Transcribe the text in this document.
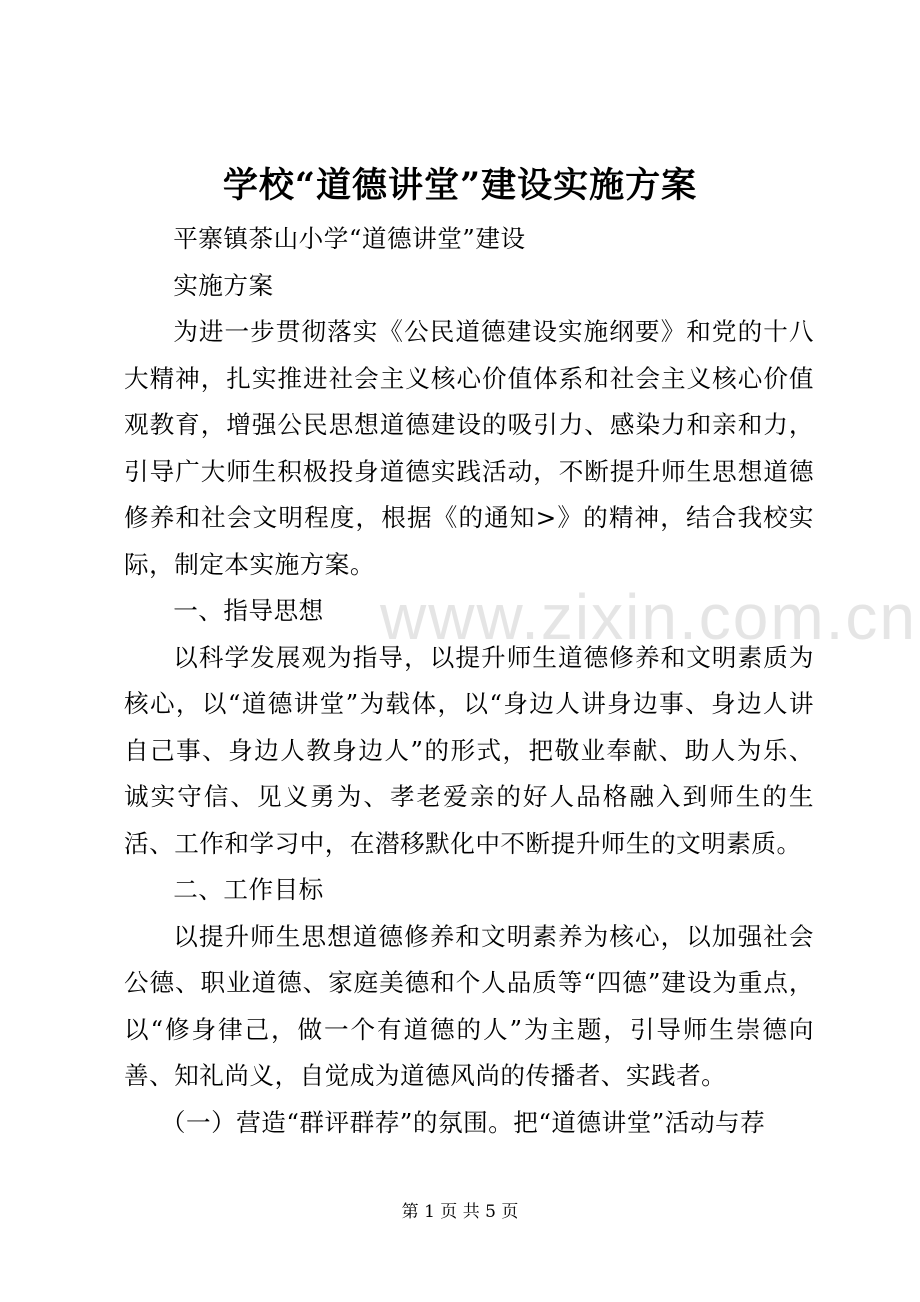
学校“道德讲堂”建设实施方案

平寨镇茶山小学“道德讲堂”建设

实施方案

为进一步贯彻落实《公民道德建设实施纲要》和党的十八大精神，扎实推进社会主义核心价值体系和社会主义核心价值观教育，增强公民思想道德建设的吸引力、感染力和亲和力，引导广大师生积极投身道德实践活动，不断提升师生思想道德修养和社会文明程度，根据《的通知>》的精神，结合我校实际，制定本实施方案。

一、指导思想

以科学发展观为指导，以提升师生道德修养和文明素质为核心，以“道德讲堂”为载体，以“身边人讲身边事、身边人讲自己事、身边人教身边人”的形式，把敬业奉献、助人为乐、诚实守信、见义勇为、孝老爱亲的好人品格融入到师生的生活、工作和学习中，在潜移默化中不断提升师生的文明素质。

二、工作目标

以提升师生思想道德修养和文明素养为核心，以加强社会公德、职业道德、家庭美德和个人品质等“四德”建设为重点，以“修身律己，做一个有道德的人”为主题，引导师生崇德向善、知礼尚义，自觉成为道德风尚的传播者、实践者。

（一）营造“群评群荐”的氛围。把“道德讲堂”活动与荐

www.zixin.com.cn
第 1 页 共 5 页
